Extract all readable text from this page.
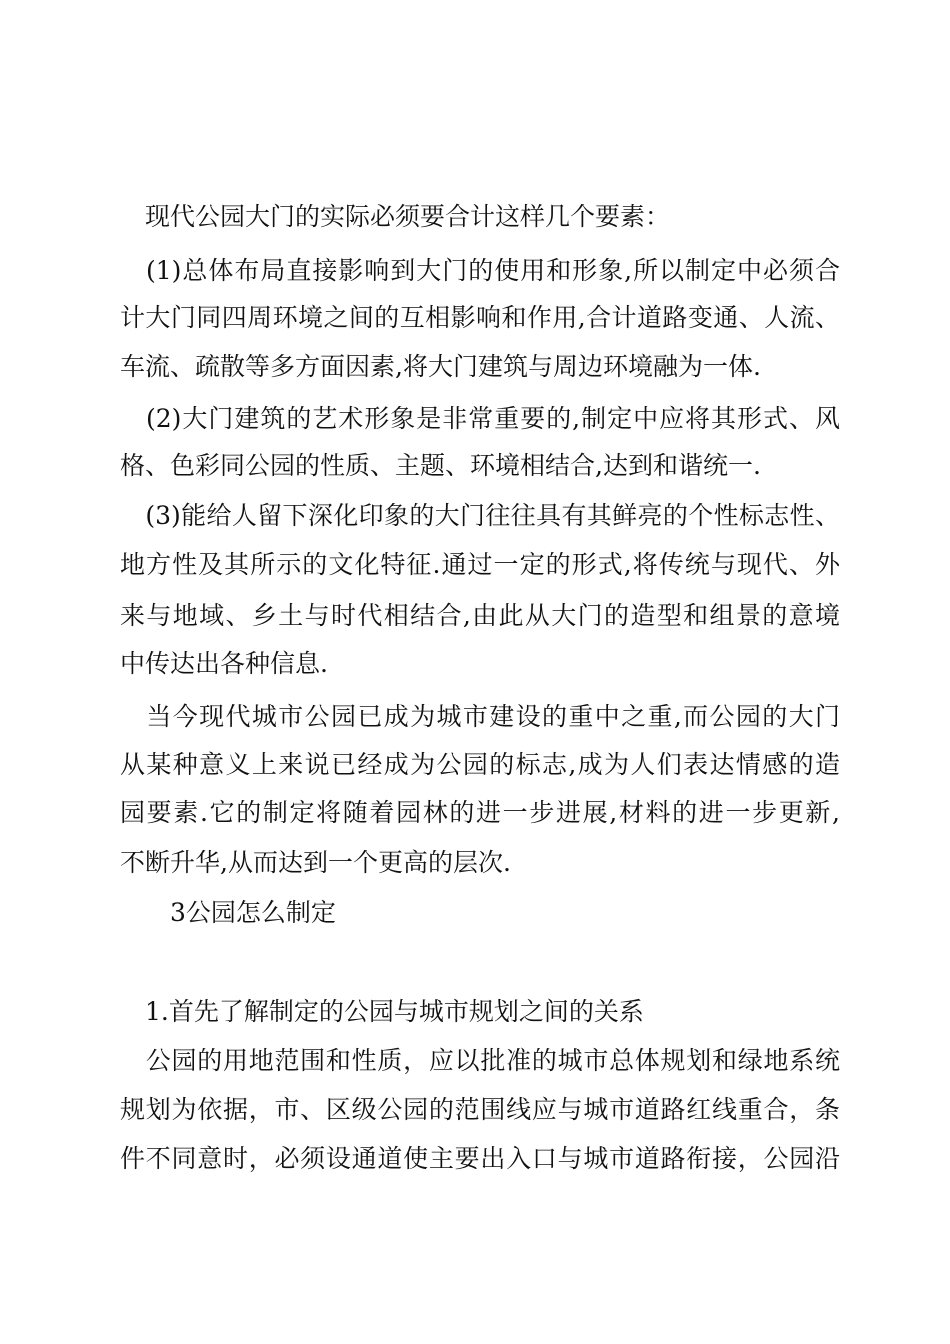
　现代公园大门的实际必须要合计这样几个要素：
　(1)总体布局直接影响到大门的使用和形象,所以制定中必须合
计大门同四周环境之间的互相影响和作用,合计道路变通、人流、
车流、疏散等多方面因素,将大门建筑与周边环境融为一体.
　(2)大门建筑的艺术形象是非常重要的,制定中应将其形式、风
格、色彩同公园的性质、主题、环境相结合,达到和谐统一.
　(3)能给人留下深化印象的大门往往具有其鲜亮的个性标志性、
地方性及其所示的文化特征.通过一定的形式,将传统与现代、外
来与地域、乡土与时代相结合,由此从大门的造型和组景的意境
中传达出各种信息.
　当今现代城市公园已成为城市建设的重中之重,而公园的大门
从某种意义上来说已经成为公园的标志,成为人们表达情感的造
园要素.它的制定将随着园林的进一步进展,材料的进一步更新,
不断升华,从而达到一个更高的层次.
　　3公园怎么制定
　1.首先了解制定的公园与城市规划之间的关系
　公园的用地范围和性质，应以批准的城市总体规划和绿地系统
规划为依据，市、区级公园的范围线应与城市道路红线重合，条
件不同意时，必须设通道使主要出入口与城市道路衔接，公园沿
